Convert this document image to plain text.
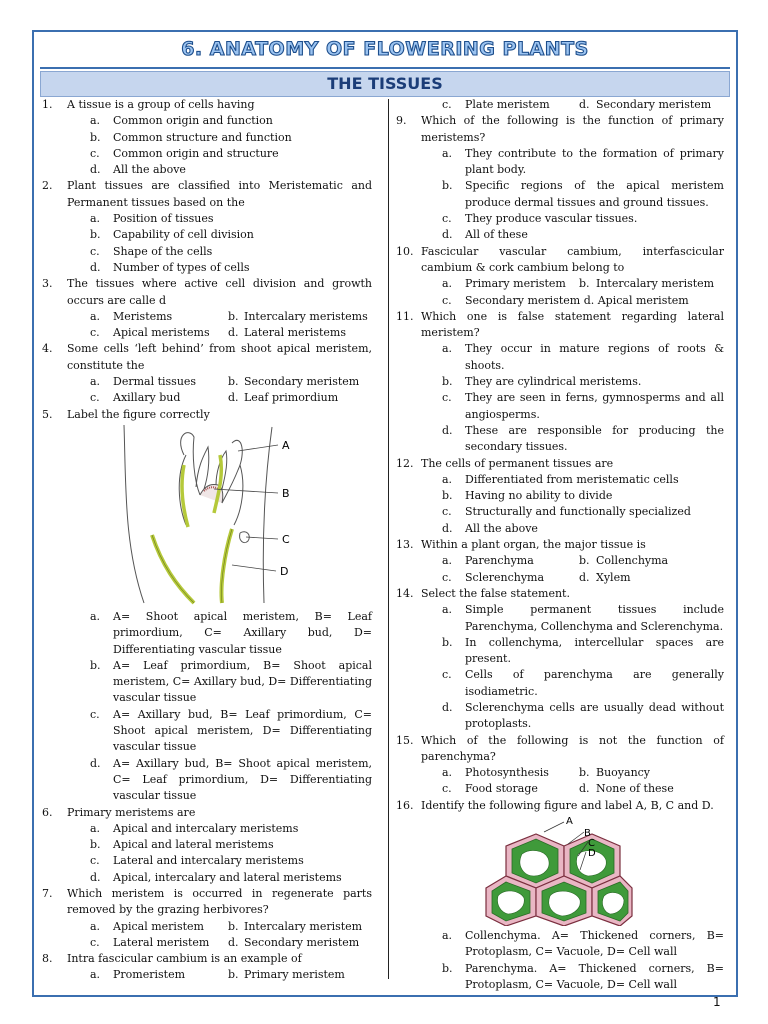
6. ANATOMY OF FLOWERING PLANTS
THE TISSUES
1. A tissue is a group of cells having
a. Common origin and function
b. Common structure and function
c. Common origin and structure
d. All the above
2. Plant tissues are classified into Meristematic and Permanent tissues based on the
a. Position of tissues
b. Capability of cell division
c. Shape of the cells
d. Number of types of cells
3. The tissues where active cell division and growth occurs are calle d
a. Meristems	b. Intercalary meristems
c. Apical meristems d. Lateral meristems
4. Some cells ‘left behind’ from shoot apical meristem, constitute the
a. Dermal tissues	b. Secondary meristem
c. Axillary bud	d. Leaf primordium
5. Label the figure correctly
A
B
C
D
a. A= Shoot apical meristem, B= Leaf primordium, C= Axillary bud, D= Differentiating vascular tissue
b. A= Leaf primordium, B= Shoot apical meristem, C= Axillary bud, D= Differentiating vascular tissue
c. A= Axillary bud, B= Leaf primordium, C= Shoot apical meristem, D= Differentiating vascular tissue
d. A= Axillary bud, B= Shoot apical meristem, C= Leaf primordium, D= Differentiating vascular tissue
6. Primary meristems are
a. Apical and intercalary meristems
b. Apical and lateral meristems
c. Lateral and intercalary meristems
d. Apical, intercalary and lateral meristems
7. Which meristem is occurred in regenerate parts removed by the grazing herbivores?
a. Apical meristem b. Intercalary meristem
c. Lateral meristem d. Secondary meristem
8. Intra fascicular cambium is an example of
a. Promeristem	b. Primary meristem
c. Plate meristem	d. Secondary meristem
9. Which of the following is the function of primary meristems?
a. They contribute to the formation of primary plant body.
b. Specific regions of the apical meristem produce dermal tissues and ground tissues.
c. They produce vascular tissues.
d. All of these
10. Fascicular vascular cambium, interfascicular cambium & cork cambium belong to
a. Primary meristem b. Intercalary meristem
c. Secondary meristem d. Apical meristem
11. Which one is false statement regarding lateral meristem?
a. They occur in mature regions of roots & shoots.
b. They are cylindrical meristems.
c. They are seen in ferns, gymnosperms and all angiosperms.
d. These are responsible for producing the secondary tissues.
12. The cells of permanent tissues are
a. Differentiated from meristematic cells
b. Having no ability to divide
c. Structurally and functionally specialized
d. All the above
13. Within a plant organ, the major tissue is
a. Parenchyma	b. Collenchyma
c. Sclerenchyma	d. Xylem
14. Select the false statement.
a. Simple permanent tissues include Parenchyma, Collenchyma and Sclerenchyma.
b. In collenchyma, intercellular spaces are present.
c. Cells of parenchyma are generally isodiametric.
d. Sclerenchyma cells are usually dead without protoplasts.
15. Which of the following is not the function of parenchyma?
a. Photosynthesis	b. Buoyancy
c. Food storage	d. None of these
16. Identify the following figure and label A, B, C and D.
A
B
C
D
a. Collenchyma. A= Thickened corners, B= Protoplasm, C= Vacuole, D= Cell wall
b. Parenchyma. A= Thickened corners, B= Protoplasm, C= Vacuole, D= Cell wall
1
